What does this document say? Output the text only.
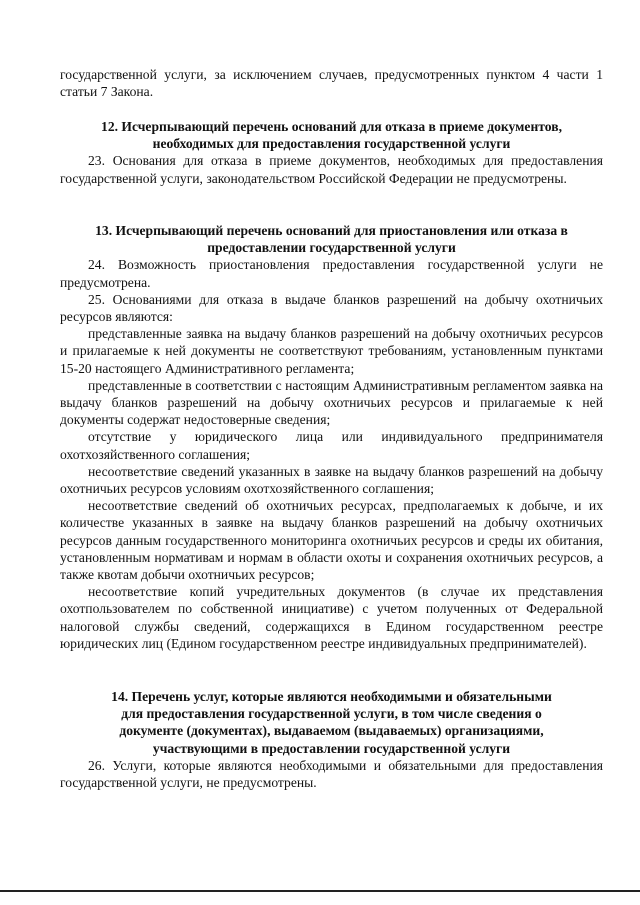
государственной услуги, за исключением случаев, предусмотренных пунктом 4 части 1 статьи 7 Закона.

12. Исчерпывающий перечень оснований для отказа в приеме документов, необходимых для предоставления государственной услуги

23. Основания для отказа в приеме документов, необходимых для предоставления государственной услуги, законодательством Российской Федерации не предусмотрены.

13. Исчерпывающий перечень оснований для приостановления или отказа в предоставлении государственной услуги

24. Возможность приостановления предоставления государственной услуги не предусмотрена.

25. Основаниями для отказа в выдаче бланков разрешений на добычу охотничьих ресурсов являются:

представленные заявка на выдачу бланков разрешений на добычу охотничьих ресурсов и прилагаемые к ней документы не соответствуют требованиям, установленным пунктами 15-20 настоящего Административного регламента;

представленные в соответствии с настоящим Административным регламентом заявка на выдачу бланков разрешений на добычу охотничьих ресурсов и прилагаемые к ней документы содержат недостоверные сведения;

отсутствие у юридического лица или индивидуального предпринимателя охотхозяйственного соглашения;

несоответствие сведений указанных в заявке на выдачу бланков разрешений на добычу охотничьих ресурсов условиям охотхозяйственного соглашения;

несоответствие сведений об охотничьих ресурсах, предполагаемых к добыче, и их количестве указанных в заявке на выдачу бланков разрешений на добычу охотничьих ресурсов данным государственного мониторинга охотничьих ресурсов и среды их обитания, установленным нормативам и нормам в области охоты и сохранения охотничьих ресурсов, а также квотам добычи охотничьих ресурсов;

несоответствие копий учредительных документов (в случае их представления охотпользователем по собственной инициативе) с учетом полученных от Федеральной налоговой службы сведений, содержащихся в Едином государственном реестре юридических лиц (Едином государственном реестре индивидуальных предпринимателей).

14. Перечень услуг, которые являются необходимыми и обязательными для предоставления государственной услуги, в том числе сведения о документе (документах), выдаваемом (выдаваемых) организациями, участвующими в предоставлении государственной услуги

26. Услуги, которые являются необходимыми и обязательными для предоставления государственной услуги, не предусмотрены.
